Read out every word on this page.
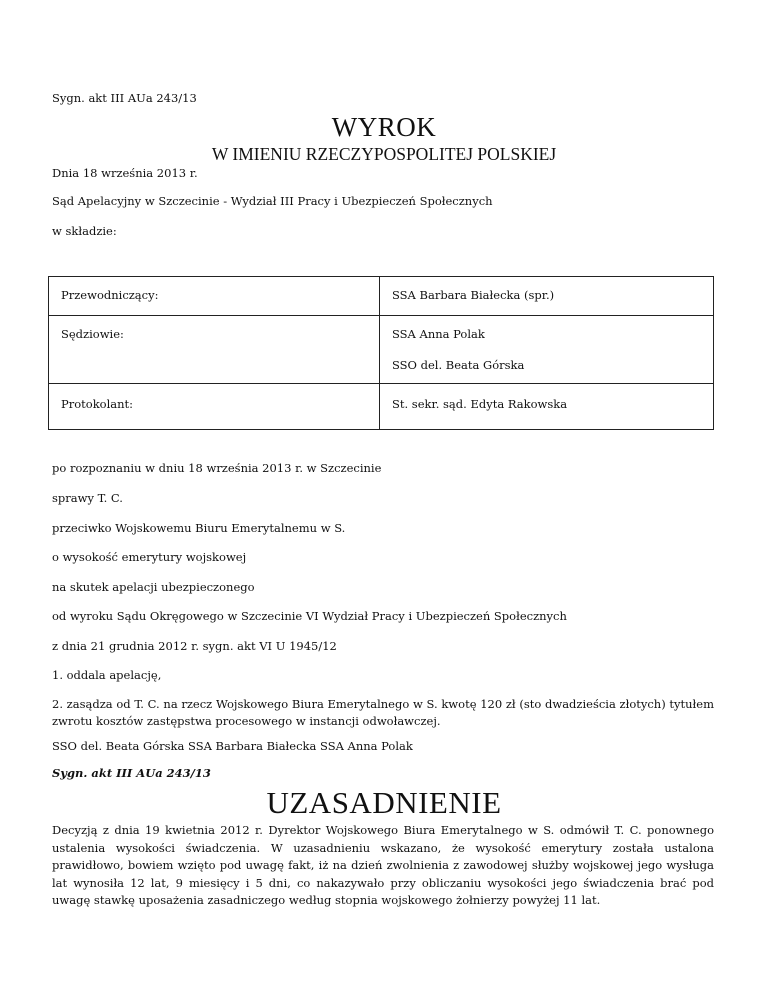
Sygn. akt III AUa 243/13
WYROK
W IMIENIU RZECZYPOSPOLITEJ POLSKIEJ
Dnia 18 września 2013 r.
Sąd Apelacyjny w Szczecinie - Wydział III Pracy i Ubezpieczeń Społecznych
w składzie:
Przewodniczący:	SSA Barbara Białecka (spr.)

Sędziowie:	SSA Anna Polak
SSO del. Beata Górska

Protokolant:	St. sekr. sąd. Edyta Rakowska
po rozpoznaniu w dniu 18 września 2013 r. w Szczecinie
sprawy T. C.
przeciwko Wojskowemu Biuru Emerytalnemu w S.
o wysokość emerytury wojskowej
na skutek apelacji ubezpieczonego
od wyroku Sądu Okręgowego w Szczecinie VI Wydział Pracy i Ubezpieczeń Społecznych
z dnia 21 grudnia 2012 r. sygn. akt VI U 1945/12
1. oddala apelację,
2. zasądza od T. C. na rzecz Wojskowego Biura Emerytalnego w S. kwotę 120 zł (sto dwadzieścia złotych) tytułem zwrotu kosztów zastępstwa procesowego w instancji odwoławczej.
SSO del. Beata Górska SSA Barbara Białecka SSA Anna Polak
Sygn. akt III AUa 243/13
UZASADNIENIE
Decyzją z dnia 19 kwietnia 2012 r. Dyrektor Wojskowego Biura Emerytalnego w S. odmówił T. C. ponownego ustalenia wysokości świadczenia. W uzasadnieniu wskazano, że wysokość emerytury została ustalona prawidłowo, bowiem wzięto pod uwagę fakt, iż na dzień zwolnienia z zawodowej służby wojskowej jego wysługa lat wynosiła 12 lat, 9 miesięcy i 5 dni, co nakazywało przy obliczaniu wysokości jego świadczenia brać pod uwagę stawkę uposażenia zasadniczego według stopnia wojskowego żołnierzy powyżej 11 lat.
